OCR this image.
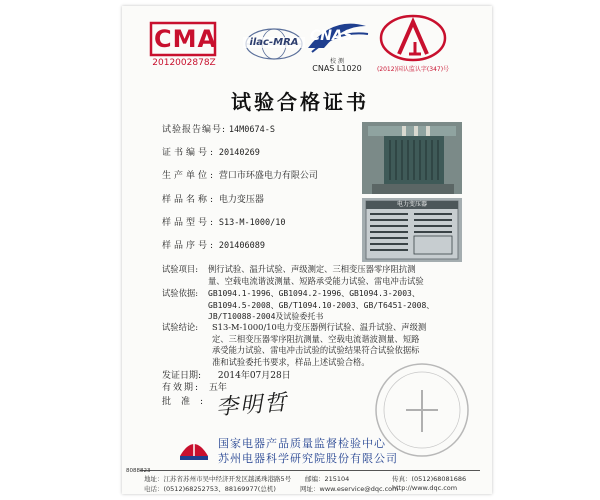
CMA
2012002878Z
ilac-MRA CNAS
校 测
CNAS L1020	(2012)国认监认字(347)号
试验合格证书
试验报告编号: 14M0674-S
证书编号: 20140269
生产单位: 营口市环盛电力有限公司
样品名称: 电力变压器
样品型号: S13-M-1000/10
样品序号: 20140608​9
电力变压器
试验项目:	例行试验、温升试验、声级测定、三相变压器零序阻抗测
量、空载电流谐波测量、短路承受能力试验、雷电冲击试验
试验依据:	GB1094.1-1996、GB1094.2-1996、GB1094.3-2003、
GB1094.5-2008、GB/T1094.10-2003、GB/T6451-2008、
JB/T10088-2004及试验委托书
试验结论:	S13-M-1000/10电力变压器例行试验、温升试验、声级测
定、三相变压器零序阻抗测量、空载电流谐波测量、短路
承受能力试验、雷电冲击试验的试验结果符合试验依据标
准和试验委托书要求，样品上述试验合格。
发证日期: 2014年07月28日
有效期: 五年
批准: 李明哲
国家电器产品质量监督检验中心
苏州电器科学研究院股份有限公司
地址：江苏省苏州市吴中经济开发区越溪珠港路5号 邮编：215104	传真：(0512)68081686
电话：(0512)68252753、88169977(总机)	网址：www.eservice@dqc.com
http://www.dqc.com
8088823
